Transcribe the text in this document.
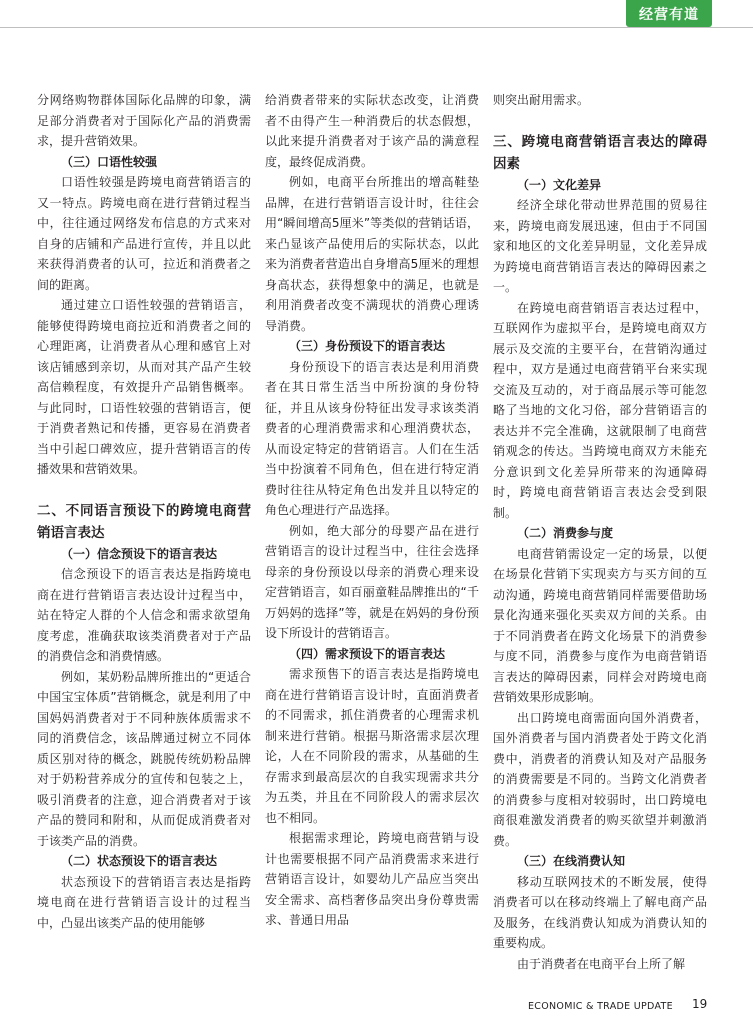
经营有道

分网络购物群体国际化品牌的印象，满足部分消费者对于国际化产品的消费需求，提升营销效果。

（三）口语性较强

口语性较强是跨境电商营销语言的又一特点。跨境电商在进行营销过程当中，往往通过网络发布信息的方式来对自身的店铺和产品进行宣传，并且以此来获得消费者的认可，拉近和消费者之间的距离。

通过建立口语性较强的营销语言，能够使得跨境电商拉近和消费者之间的心理距离，让消费者从心理和感官上对该店铺感到亲切，从而对其产品产生较高信赖程度，有效提升产品销售概率。与此同时，口语性较强的营销语言，便于消费者熟记和传播，更容易在消费者当中引起口碑效应，提升营销语言的传播效果和营销效果。

二、不同语言预设下的跨境电商营销语言表达
（一）信念预设下的语言表达

信念预设下的语言表达是指跨境电商在进行营销语言表达设计过程当中，站在特定人群的个人信念和需求欲望角度考虑，准确获取该类消费者对于产品的消费信念和消费情感。

例如，某奶粉品牌所推出的“更适合中国宝宝体质”营销概念，就是利用了中国妈妈消费者对于不同种族体质需求不同的消费信念，该品牌通过树立不同体质区别对待的概念，跳脱传统奶粉品牌对于奶粉营养成分的宣传和包装之上，吸引消费者的注意，迎合消费者对于该产品的赞同和附和，从而促成消费者对于该类产品的消费。

（二）状态预设下的语言表达

状态预设下的营销语言表达是指跨境电商在进行营销语言设计的过程当中，凸显出该类产品的使用能够

给消费者带来的实际状态改变，让消费者不由得产生一种消费后的状态假想，以此来提升消费者对于该产品的满意程度，最终促成消费。

例如，电商平台所推出的增高鞋垫品牌，在进行营销语言设计时，往往会用“瞬间增高5厘米”等类似的营销话语，来凸显该产品使用后的实际状态，以此来为消费者营造出自身增高5厘米的理想身高状态，获得想象中的满足，也就是利用消费者改变不满现状的消费心理诱导消费。

（三）身份预设下的语言表达

身份预设下的语言表达是利用消费者在其日常生活当中所扮演的身份特征，并且从该身份特征出发寻求该类消费者的心理消费需求和心理消费状态，从而设定特定的营销语言。人们在生活当中扮演着不同角色，但在进行特定消费时往往从特定角色出发并且以特定的角色心理进行产品选择。

例如，绝大部分的母婴产品在进行营销语言的设计过程当中，往往会选择母亲的身份预设以母亲的消费心理来设定营销语言，如百丽童鞋品牌推出的“千万妈妈的选择”等，就是在妈妈的身份预设下所设计的营销语言。

（四）需求预设下的语言表达

需求预售下的语言表达是指跨境电商在进行营销语言设计时，直面消费者的不同需求，抓住消费者的心理需求机制来进行营销。根据马斯洛需求层次理论，人在不同阶段的需求，从基础的生存需求到最高层次的自我实现需求共分为五类，并且在不同阶段人的需求层次也不相同。

根据需求理论，跨境电商营销与设计也需要根据不同产品消费需求来进行营销语言设计，如婴幼儿产品应当突出安全需求、高档奢侈品突出身份尊贵需求、普通日用品

则突出耐用需求。

三、跨境电商营销语言表达的障碍因素
（一）文化差异

经济全球化带动世界范围的贸易往来，跨境电商发展迅速，但由于不同国家和地区的文化差异明显，文化差异成为跨境电商营销语言表达的障碍因素之一。

在跨境电商营销语言表达过程中，互联网作为虚拟平台，是跨境电商双方展示及交流的主要平台，在营销沟通过程中，双方是通过电商营销平台来实现交流及互动的，对于商品展示等可能忽略了当地的文化习俗，部分营销语言的表达并不完全准确，这就限制了电商营销观念的传达。当跨境电商双方未能充分意识到文化差异所带来的沟通障碍时，跨境电商营销语言表达会受到限制。

（二）消费参与度

电商营销需设定一定的场景，以便在场景化营销下实现卖方与买方间的互动沟通，跨境电商营销同样需要借助场景化沟通来强化买卖双方间的关系。由于不同消费者在跨文化场景下的消费参与度不同，消费参与度作为电商营销语言表达的障碍因素，同样会对跨境电商营销效果形成影响。

出口跨境电商需面向国外消费者，国外消费者与国内消费者处于跨文化消费中，消费者的消费认知及对产品服务的消费需要是不同的。当跨文化消费者的消费参与度相对较弱时，出口跨境电商很难激发消费者的购买欲望并刺激消费。

（三）在线消费认知

移动互联网技术的不断发展，使得消费者可以在移动终端上了解电商产品及服务，在线消费认知成为消费认知的重要构成。

由于消费者在电商平台上所了解

ECONOMIC & TRADE UPDATE 19
